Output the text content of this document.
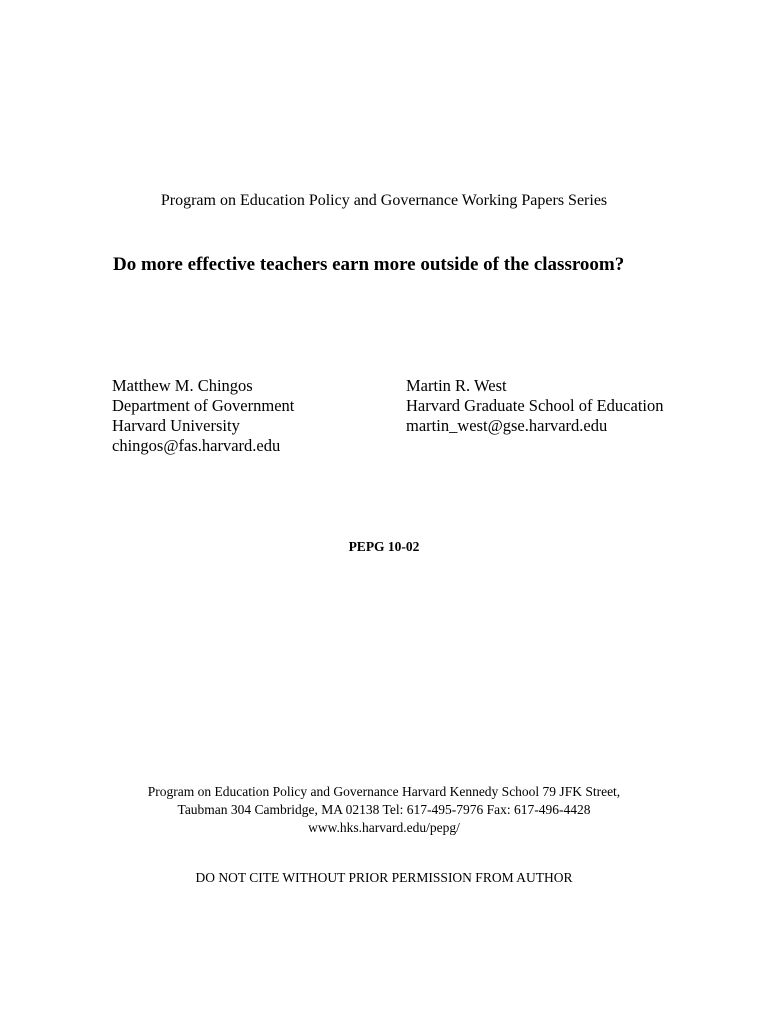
Program on Education Policy and Governance Working Papers Series
Do more effective teachers earn more outside of the classroom?
Matthew M. Chingos
Department of Government
Harvard University
chingos@fas.harvard.edu
Martin R. West
Harvard Graduate School of Education
martin_west@gse.harvard.edu
PEPG 10-02
Program on Education Policy and Governance Harvard Kennedy School 79 JFK Street,
Taubman 304 Cambridge, MA 02138 Tel: 617-495-7976 Fax: 617-496-4428
www.hks.harvard.edu/pepg/
DO NOT CITE WITHOUT PRIOR PERMISSION FROM AUTHOR
